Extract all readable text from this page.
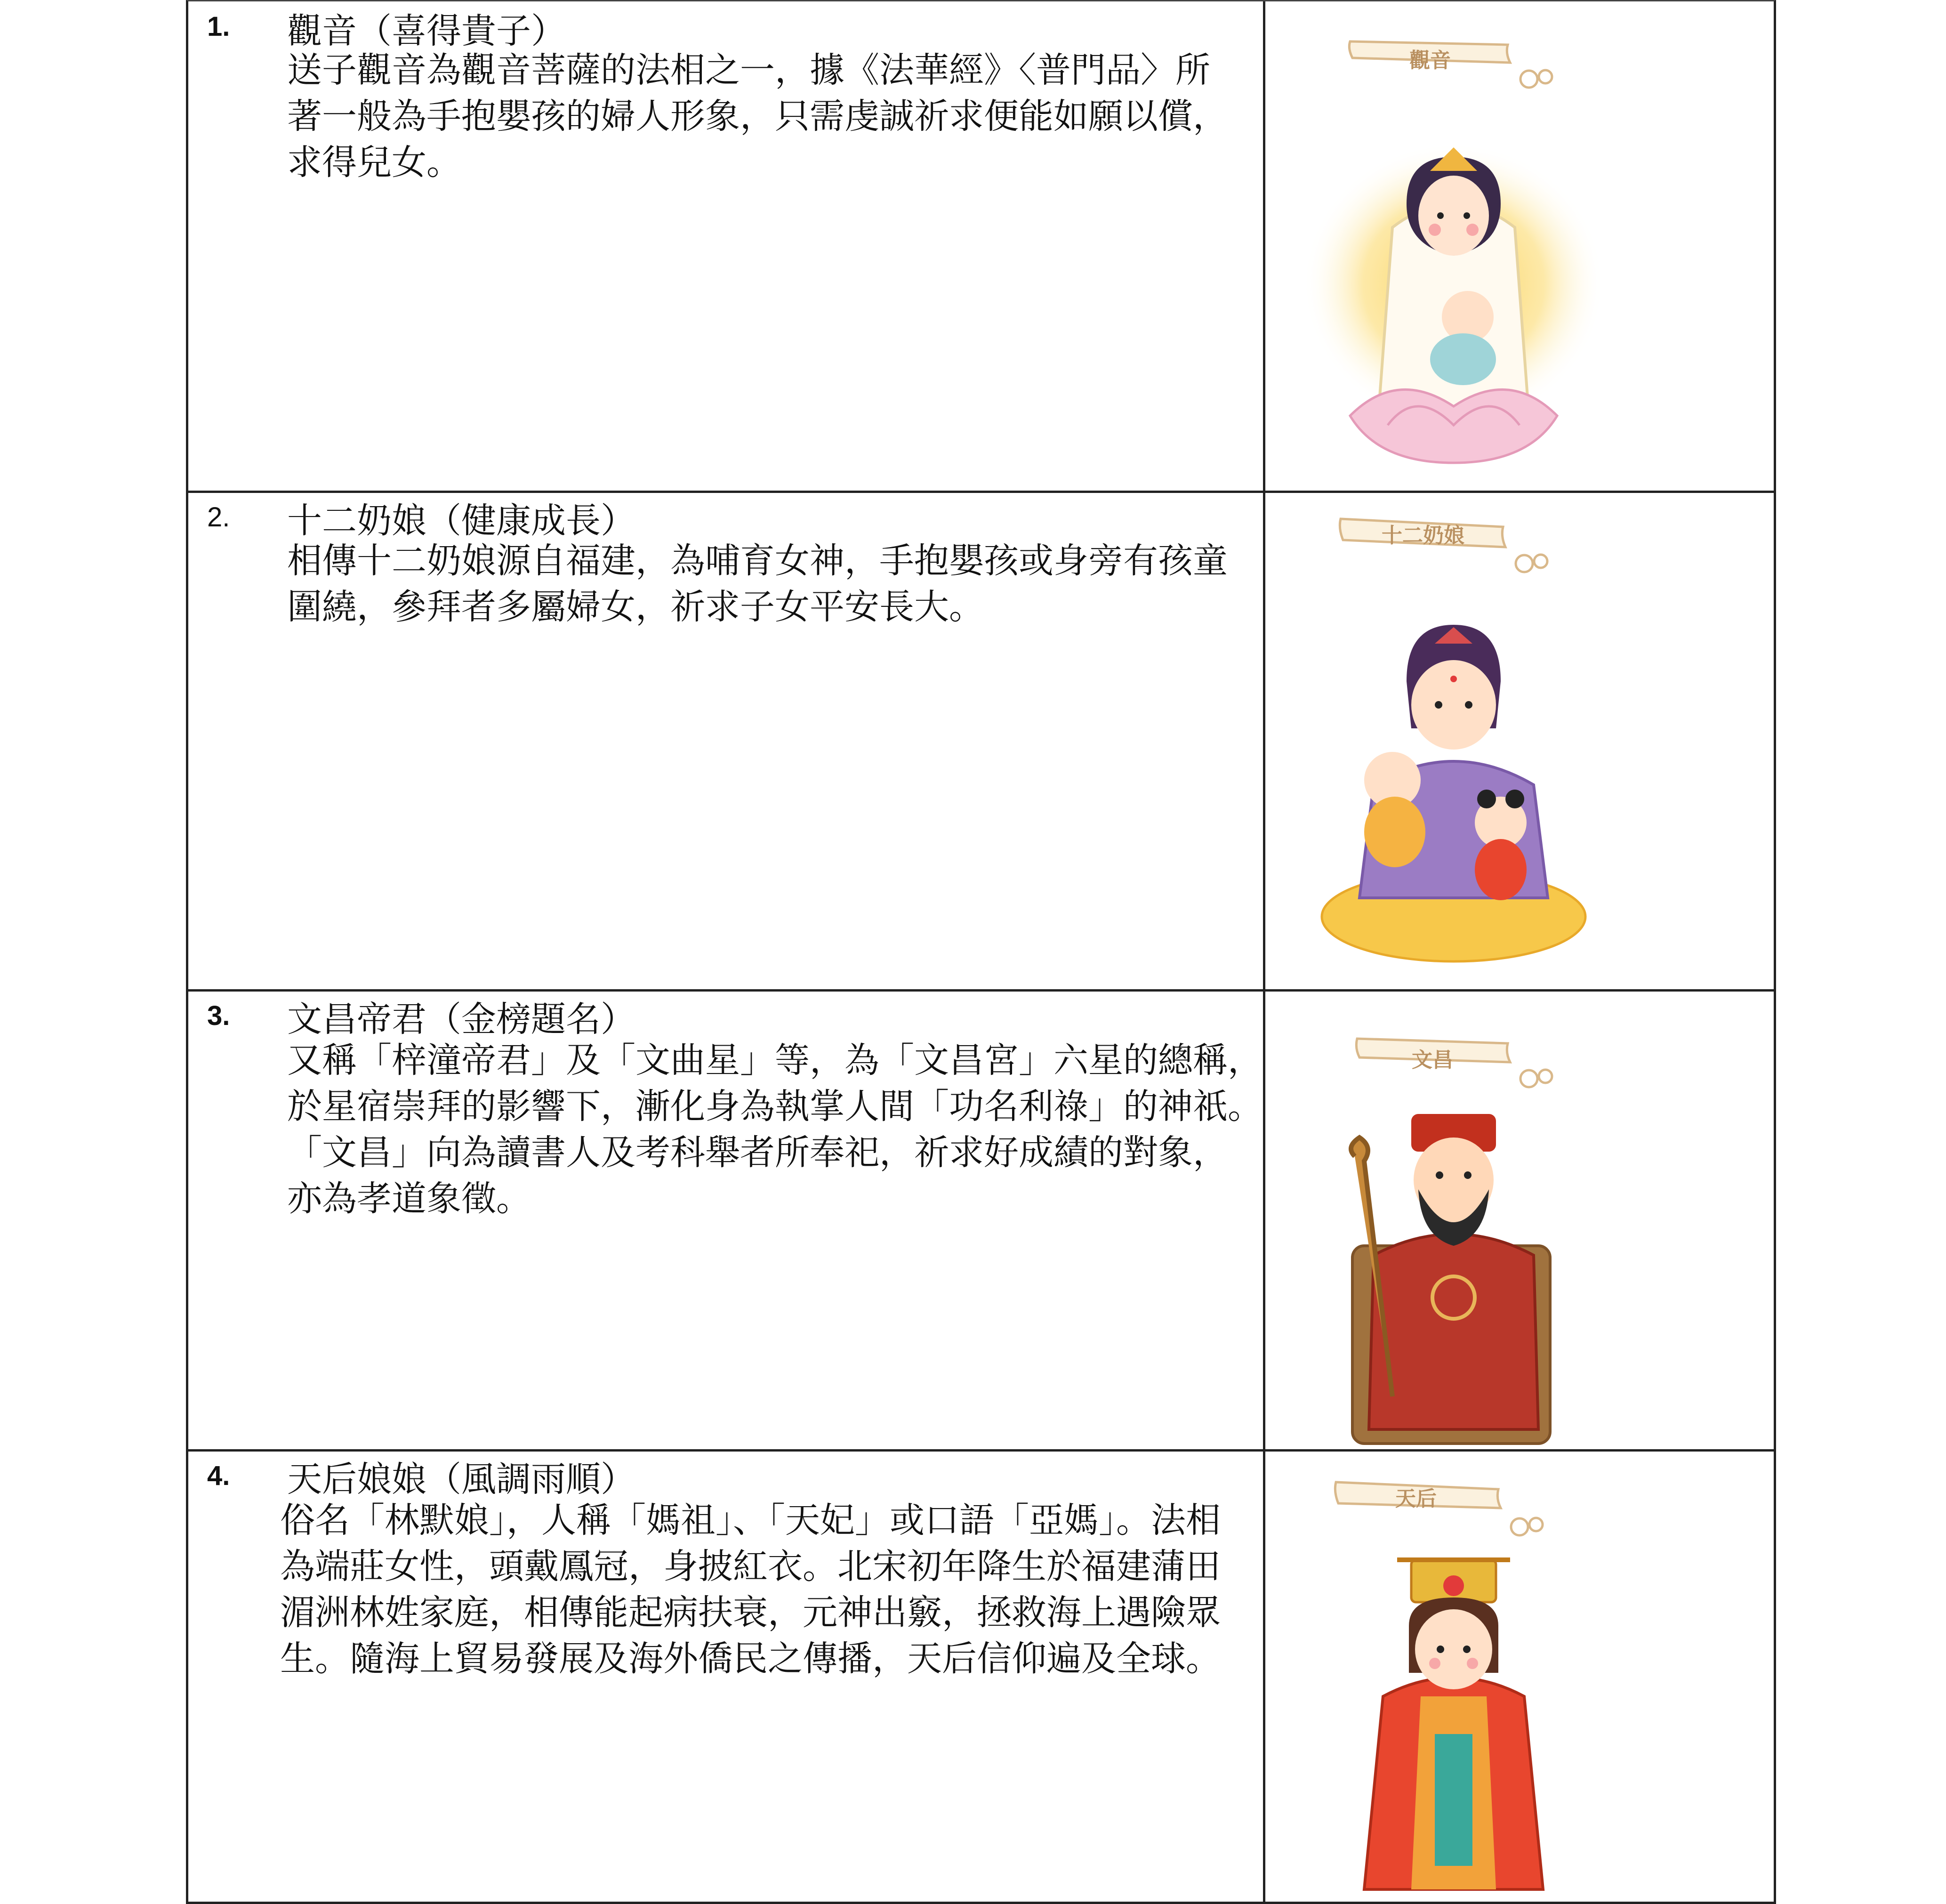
1. 觀音（喜得貴子）

送子觀音為觀音菩薩的法相之一，據《法華經》〈普門品〉所

著一般為手抱嬰孩的婦人形象，只需虔誠祈求便能如願以償，

求得兒女。

觀音
2. 十二奶娘（健康成長）

相傳十二奶娘源自福建，為哺育女神，手抱嬰孩或身旁有孩童

圍繞，參拜者多屬婦女，祈求子女平安長大。

十二奶娘
3. 文昌帝君（金榜題名）

又稱「梓潼帝君」及「文曲星」等，為「文昌宮」六星的總稱，

於星宿崇拜的影響下，漸化身為執掌人間「功名利祿」的神祇。

「文昌」向為讀書人及考科舉者所奉祀，祈求好成績的對象，

亦為孝道象徵。

文昌
4. 天后娘娘（風調雨順）

俗名「林默娘」，人稱「媽祖」、「天妃」或口語「亞媽」。法相

為端莊女性，頭戴鳳冠，身披紅衣。北宋初年降生於福建蒲田

湄洲林姓家庭，相傳能起病扶衰，元神出竅，拯救海上遇險眾

生。隨海上貿易發展及海外僑民之傳播，天后信仰遍及全球。

天后
